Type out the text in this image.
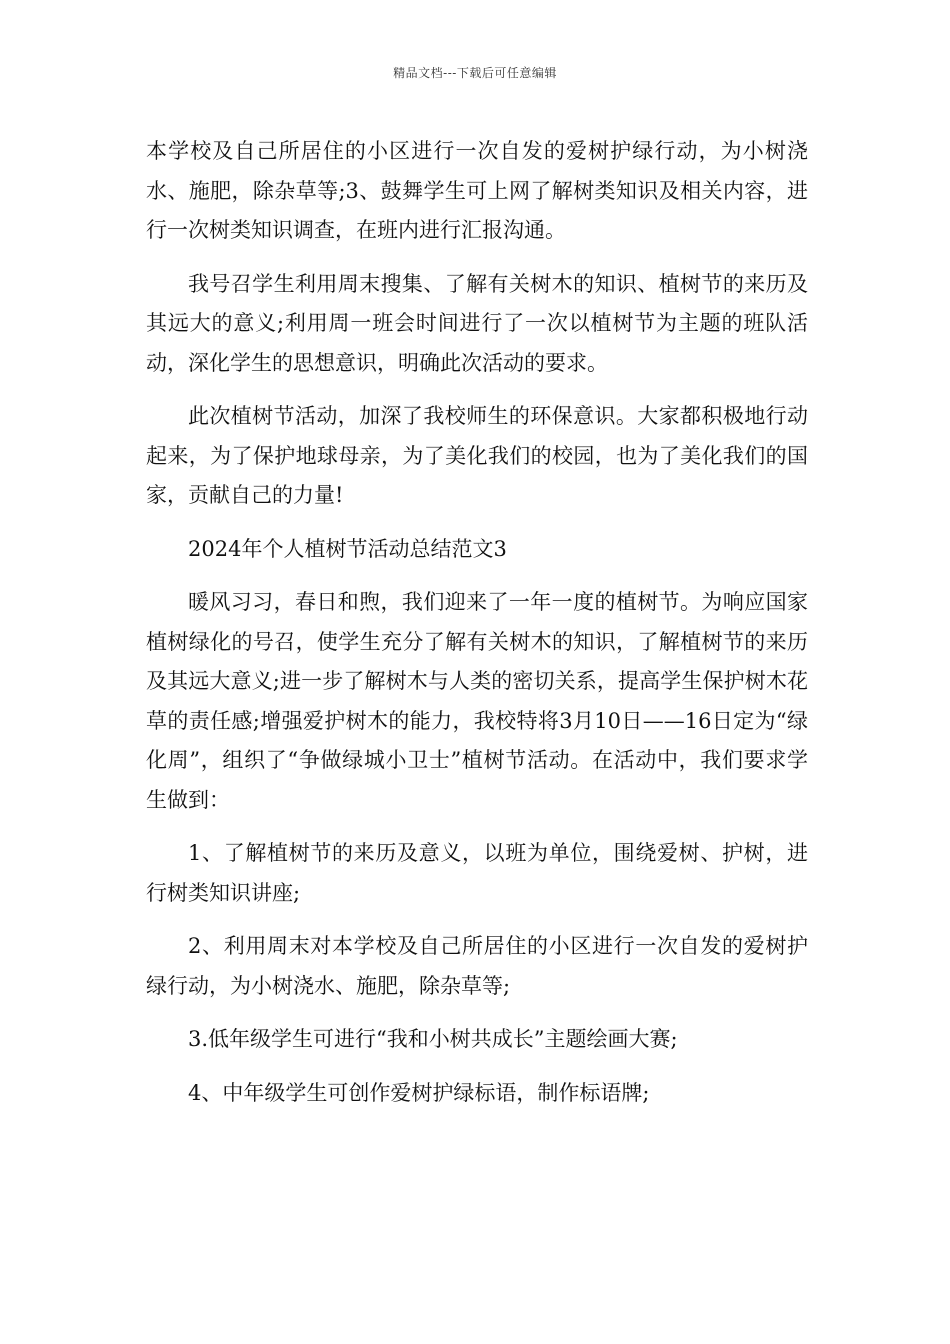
精品文档---下载后可任意编辑

本学校及自己所居住的小区进行一次自发的爱树护绿行动，为小树浇水、施肥，除杂草等;3、鼓舞学生可上网了解树类知识及相关内容，进行一次树类知识调查，在班内进行汇报沟通。

我号召学生利用周末搜集、了解有关树木的知识、植树节的来历及其远大的意义;利用周一班会时间进行了一次以植树节为主题的班队活动，深化学生的思想意识，明确此次活动的要求。

此次植树节活动，加深了我校师生的环保意识。大家都积极地行动起来，为了保护地球母亲，为了美化我们的校园，也为了美化我们的国家，贡献自己的力量!

2024年个人植树节活动总结范文3

暖风习习，春日和煦，我们迎来了一年一度的植树节。为响应国家植树绿化的号召，使学生充分了解有关树木的知识，了解植树节的来历及其远大意义;进一步了解树木与人类的密切关系，提高学生保护树木花草的责任感;增强爱护树木的能力，我校特将3月10日——16日定为“绿化周”，组织了“争做绿城小卫士”植树节活动。在活动中，我们要求学生做到：

1、了解植树节的来历及意义，以班为单位，围绕爱树、护树，进行树类知识讲座;

2、利用周末对本学校及自己所居住的小区进行一次自发的爱树护绿行动，为小树浇水、施肥，除杂草等;

3.低年级学生可进行“我和小树共成长”主题绘画大赛;

4、中年级学生可创作爱树护绿标语，制作标语牌;
